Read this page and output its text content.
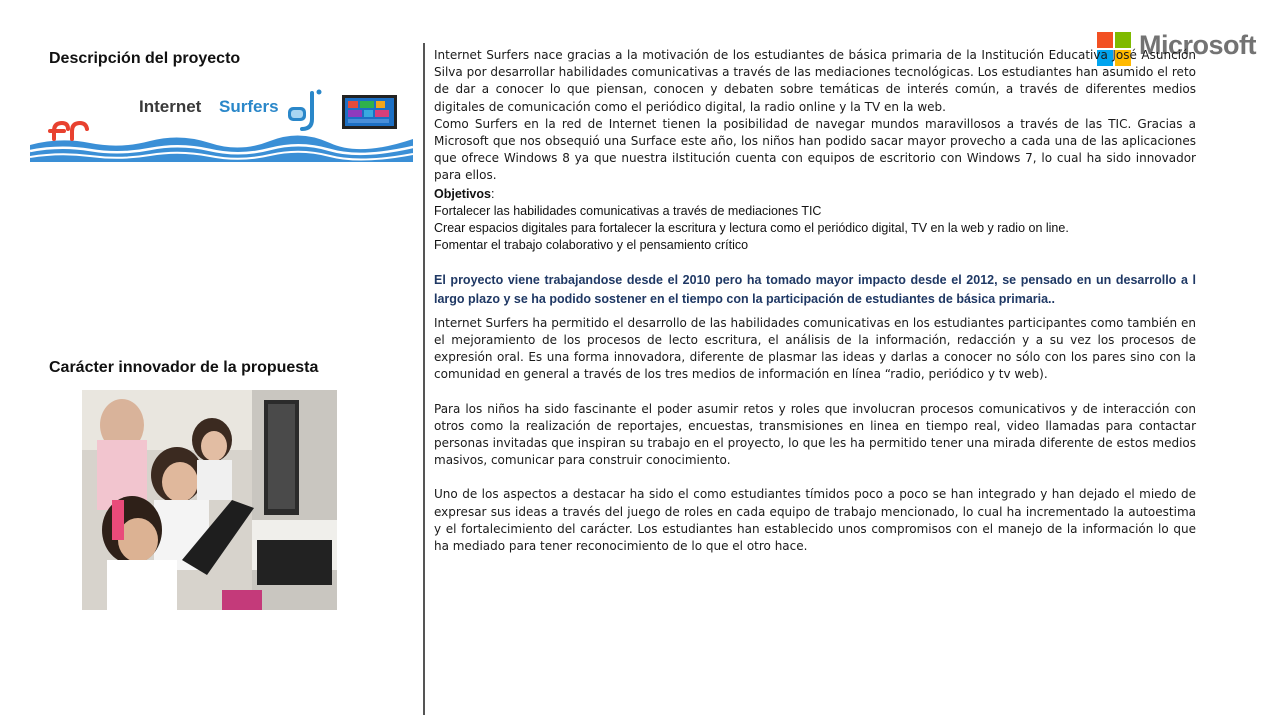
Descripción del proyecto
Internet Surfers
Carácter innovador de la propuesta
Microsoft

Internet Surfers nace gracias a la motivación de los estudiantes de básica primaria de la Institución Educativa José Asunción Silva por desarrollar habilidades comunicativas a través de las mediaciones tecnológicas. Los estudiantes han asumido el reto de dar a conocer lo que piensan, conocen y debaten sobre temáticas de interés común, a través de diferentes medios digitales de comunicación como el periódico digital, la radio online y la TV en la web.

Como Surfers en la red de Internet tienen la posibilidad de navegar mundos maravillosos a través de las TIC. Gracias a Microsoft que nos obsequió una Surface este año, los niños han podido sacar mayor provecho a cada una de las aplicaciones que ofrece Windows 8 ya que nuestra iIstitución cuenta con equipos de escritorio con Windows 7, lo cual ha sido innovador para ellos.

Objetivos:
Fortalecer las habilidades comunicativas a través de mediaciones TIC
Crear espacios digitales para fortalecer la escritura y lectura como el periódico digital, TV en la web y radio on line.
Fomentar el trabajo colaborativo y el pensamiento crítico

El proyecto viene trabajandose desde el 2010 pero ha tomado mayor impacto desde el 2012, se pensado en un desarrollo a l largo plazo y se ha podido sostener en el tiempo con la participación de estudiantes de básica primaria..

Internet Surfers ha permitido el desarrollo de las habilidades comunicativas en los estudiantes participantes como también en el mejoramiento de los procesos de lecto escritura, el análisis de la información, redacción y a su vez los procesos de expresión oral. Es una forma innovadora, diferente de plasmar las ideas y darlas a conocer no sólo con los pares sino con la comunidad en general a través de los tres medios de información en línea “radio, periódico y tv web).

Para los niños ha sido fascinante el poder asumir retos y roles que involucran procesos comunicativos y de interacción con otros como la realización de reportajes, encuestas, transmisiones en linea en tiempo real, video llamadas para contactar personas invitadas que inspiran su trabajo en el proyecto, lo que les ha permitido tener una mirada diferente de estos medios masivos, comunicar para construir conocimiento.

Uno de los aspectos a destacar ha sido el como estudiantes tímidos poco a poco se han integrado y han dejado el miedo de expresar sus ideas a través del juego de roles en cada equipo de trabajo mencionado, lo cual ha incrementado la autoestima y el fortalecimiento del carácter. Los estudiantes han establecido unos compromisos con el manejo de la información lo que ha mediado para tener reconocimiento de lo que el otro hace.
